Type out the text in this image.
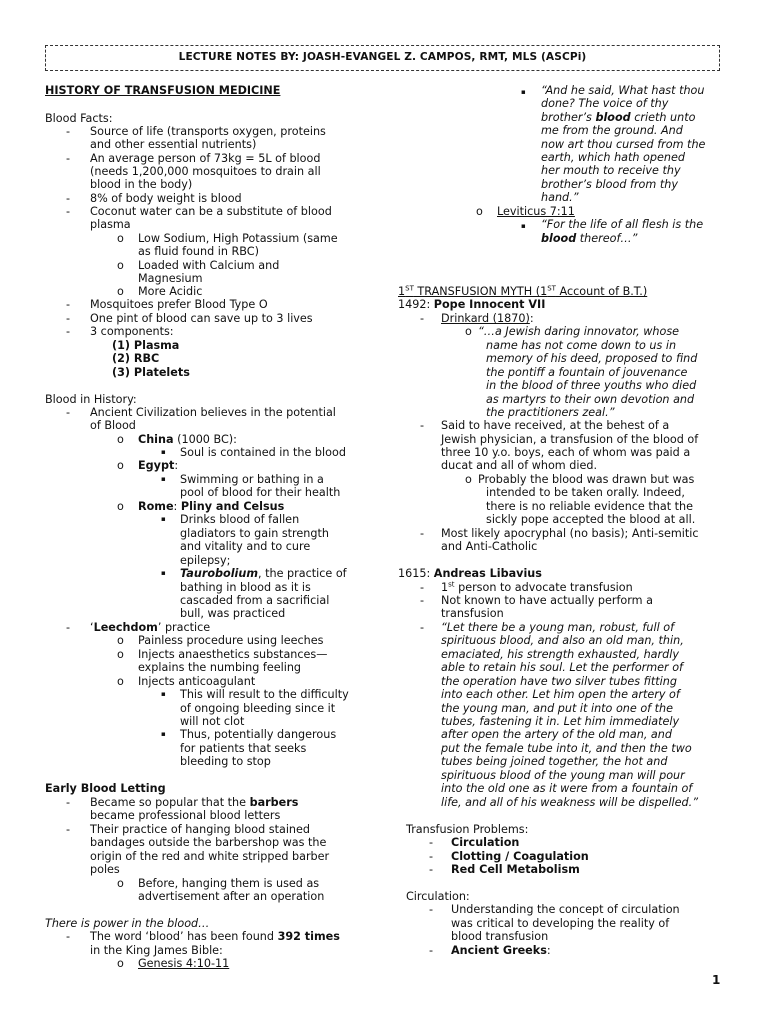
LECTURE NOTES BY: JOASH-EVANGEL Z. CAMPOS, RMT, MLS (ASCPi)
HISTORY OF TRANSFUSION MEDICINE
Blood Facts:
- Source of life (transports oxygen, proteins
and other essential nutrients)
- An average person of 73kg = 5L of blood
(needs 1,200,000 mosquitoes to drain all
blood in the body)
- 8% of body weight is blood
- Coconut water can be a substitute of blood
plasma
o Low Sodium, High Potassium (same
as fluid found in RBC)
o Loaded with Calcium and
Magnesium
o More Acidic
- Mosquitoes prefer Blood Type O
- One pint of blood can save up to 3 lives
- 3 components:
(1) Plasma
(2) RBC
(3) Platelets
Blood in History:
- Ancient Civilization believes in the potential
of Blood
o China (1000 BC):
▪ Soul is contained in the blood
o Egypt:
▪ Swimming or bathing in a
pool of blood for their health
o Rome: Pliny and Celsus
▪ Drinks blood of fallen
gladiators to gain strength
and vitality and to cure
epilepsy;
▪ Taurobolium, the practice of
bathing in blood as it is
cascaded from a sacrificial
bull, was practiced
- ‘Leechdom’ practice
o Painless procedure using leeches
o Injects anaesthetics substances—
explains the numbing feeling
o Injects anticoagulant
▪ This will result to the difficulty
of ongoing bleeding since it
will not clot
▪ Thus, potentially dangerous
for patients that seeks
bleeding to stop
Early Blood Letting
- Became so popular that the barbers
became professional blood letters
- Their practice of hanging blood stained
bandages outside the barbershop was the
origin of the red and white stripped barber
poles
o Before, hanging them is used as
advertisement after an operation
There is power in the blood…
- The word ‘blood’ has been found 392 times
in the King James Bible:
o Genesis 4:10-11
▪ “And he said, What hast thou
done? The voice of thy
brother’s blood crieth unto
me from the ground. And
now art thou cursed from the
earth, which hath opened
her mouth to receive thy
brother’s blood from thy
hand.”
o Leviticus 7:11
▪ “For the life of all flesh is the
blood thereof…”
1ST TRANSFUSION MYTH (1ST Account of B.T.)
1492: Pope Innocent VII
- Drinkard (1870):
o “…a Jewish daring innovator, whose
name has not come down to us in
memory of his deed, proposed to find
the pontiff a fountain of jouvenance
in the blood of three youths who died
as martyrs to their own devotion and
the practitioners zeal.”
- Said to have received, at the behest of a
Jewish physician, a transfusion of the blood of
three 10 y.o. boys, each of whom was paid a
ducat and all of whom died.
o Probably the blood was drawn but was
intended to be taken orally. Indeed,
there is no reliable evidence that the
sickly pope accepted the blood at all.
- Most likely apocryphal (no basis); Anti-semitic
and Anti-Catholic
1615: Andreas Libavius
- 1st person to advocate transfusion
- Not known to have actually perform a
transfusion
- “Let there be a young man, robust, full of
spirituous blood, and also an old man, thin,
emaciated, his strength exhausted, hardly
able to retain his soul. Let the performer of
the operation have two silver tubes fitting
into each other. Let him open the artery of
the young man, and put it into one of the
tubes, fastening it in. Let him immediately
after open the artery of the old man, and
put the female tube into it, and then the two
tubes being joined together, the hot and
spirituous blood of the young man will pour
into the old one as it were from a fountain of
life, and all of his weakness will be dispelled.”
Transfusion Problems:
- Circulation
- Clotting / Coagulation
- Red Cell Metabolism
Circulation:
- Understanding the concept of circulation
was critical to developing the reality of
blood transfusion
- Ancient Greeks:
1
